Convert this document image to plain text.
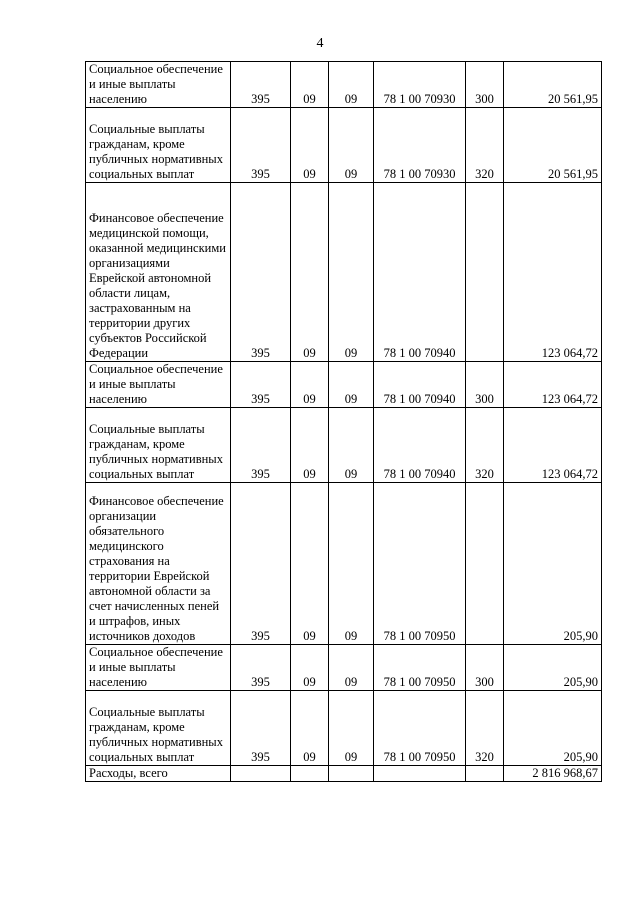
4
Социальное обеспечение и иные выплаты населению	395	09	09	78 1 00 70930	300	20 561,95
Социальные выплаты гражданам, кроме публичных нормативных социальных выплат	395	09	09	78 1 00 70930	320	20 561,95
Финансовое обеспечение медицинской помощи, оказанной медицинскими организациями Еврейской автономной области лицам, застрахованным на территории других субъектов Российской Федерации	395	09	09	78 1 00 70940		123 064,72
Социальное обеспечение и иные выплаты населению	395	09	09	78 1 00 70940	300	123 064,72
Социальные выплаты гражданам, кроме публичных нормативных социальных выплат	395	09	09	78 1 00 70940	320	123 064,72
Финансовое обеспечение организации обязательного медицинского страхования на территории Еврейской автономной области за счет начисленных пеней и штрафов, иных источников доходов	395	09	09	78 1 00 70950		205,90
Социальное обеспечение и иные выплаты населению	395	09	09	78 1 00 70950	300	205,90
Социальные выплаты гражданам, кроме публичных нормативных социальных выплат	395	09	09	78 1 00 70950	320	205,90
Расходы, всего						2 816 968,67
